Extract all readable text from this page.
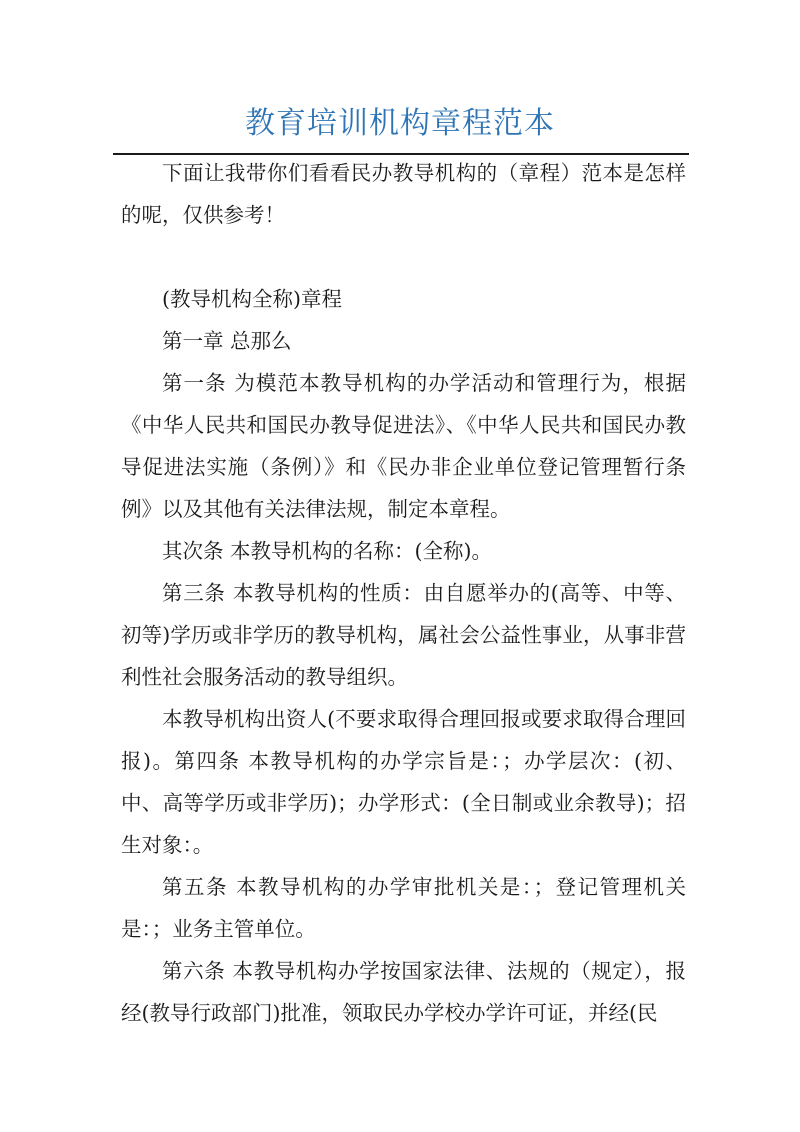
教育培训机构章程范本

下面让我带你们看看民办教导机构的（章程）范本是怎样的呢，仅供参考！

(教导机构全称)章程

第一章 总那么

第一条 为模范本教导机构的办学活动和管理行为，根据《中华人民共和国民办教导促进法》、《中华人民共和国民办教导促进法实施（条例）》和《民办非企业单位登记管理暂行条例》以及其他有关法律法规，制定本章程。

其次条 本教导机构的名称：(全称)。

第三条 本教导机构的性质：由自愿举办的(高等、中等、初等)学历或非学历的教导机构，属社会公益性事业，从事非营利性社会服务活动的教导组织。

本教导机构出资人(不要求取得合理回报或要求取得合理回报)。第四条 本教导机构的办学宗旨是：；办学层次：(初、中、高等学历或非学历)；办学形式：(全日制或业余教导)；招生对象：。

第五条 本教导机构的办学审批机关是：；登记管理机关是：；业务主管单位。

第六条 本教导机构办学按国家法律、法规的（规定），报经(教导行政部门)批准，领取民办学校办学许可证，并经(民
